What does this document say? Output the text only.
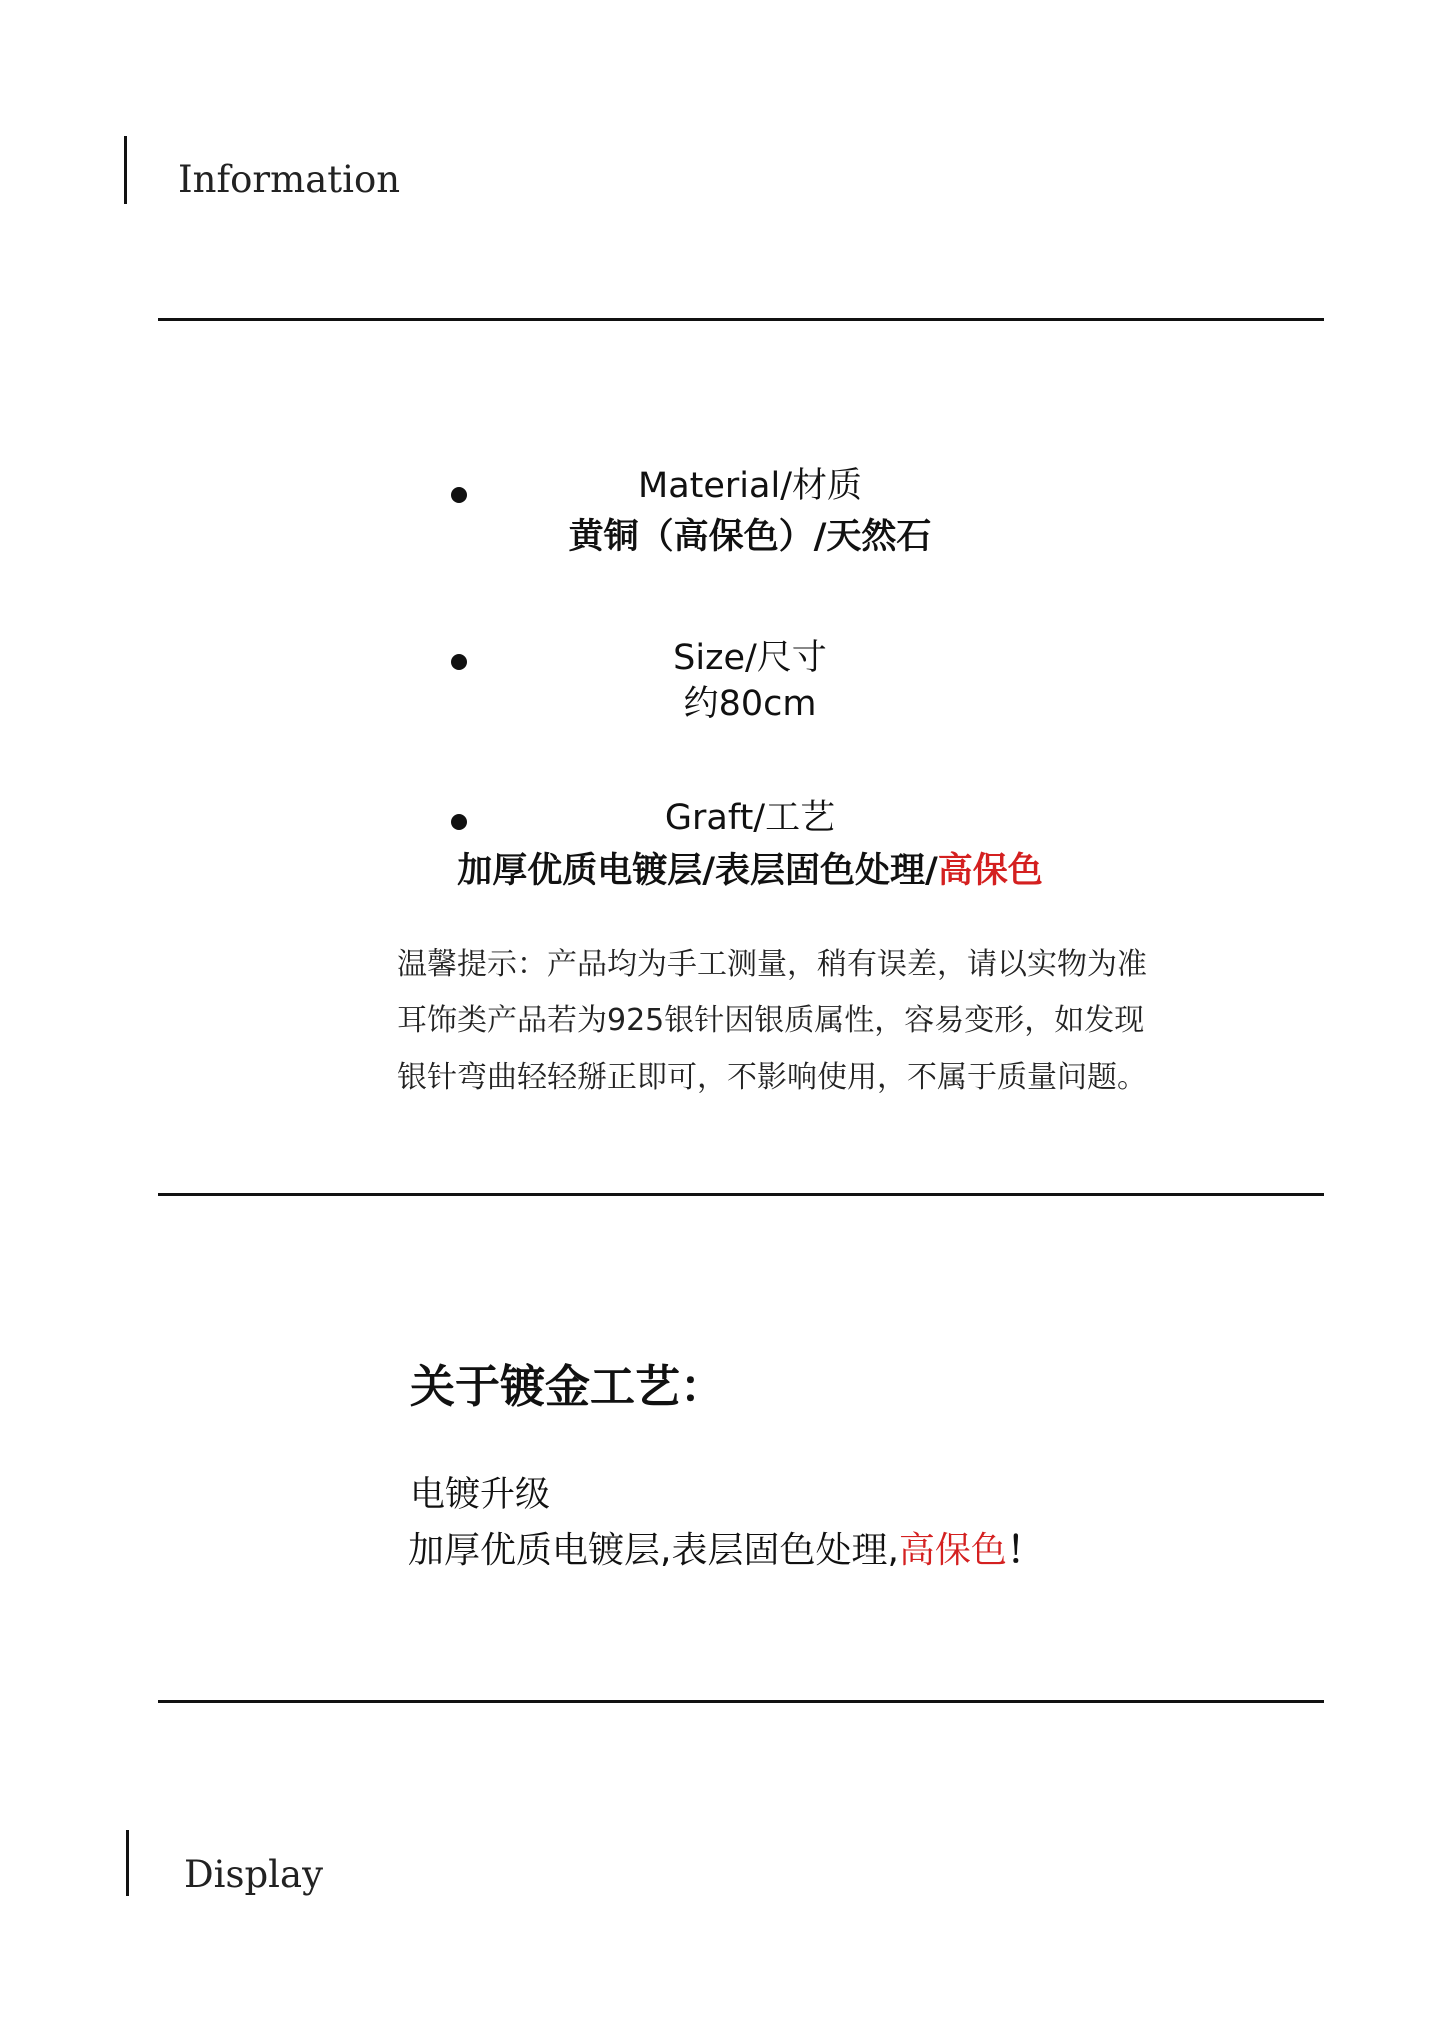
Information
Material/材质
黄铜（高保色）/天然石
Size/尺寸
约80cm
Graft/工艺
加厚优质电镀层/表层固色处理/高保色
温馨提示：产品均为手工测量，稍有误差，请以实物为准
耳饰类产品若为925银针因银质属性，容易变形，如发现
银针弯曲轻轻掰正即可，不影响使用，不属于质量问题。
关于镀金工艺：
电镀升级
加厚优质电镀层,表层固色处理,高保色！
Display
